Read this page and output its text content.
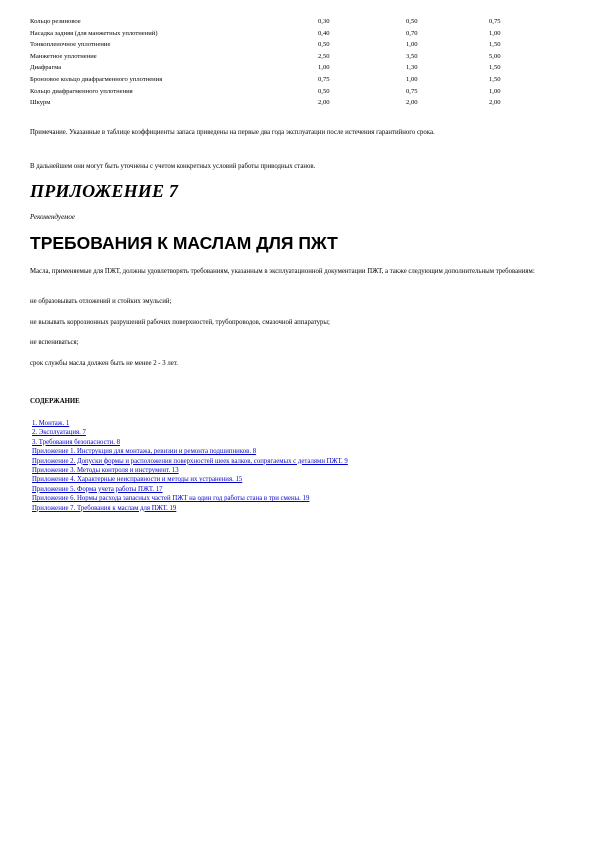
Кольцо резиновое	0,30	0,50	0,75
Насадка задняя (для манжетных уплотнений)	0,40	0,70	1,00
Тонкопленочное уплотнение	0,50	1,00	1,50
Манжетное уплотнение	2,50	3,50	5,00
Диафрагма	1,00	1,30	1,50
Бронзовое кольцо диафрагменного уплотнения	0,75	1,00	1,50
Кольцо диафрагменного уплотнения	0,50	0,75	1,00
Шкурм	2,00	2,00	2,00
Примечание. Указанные в таблице коэффициенты запаса приведены на первые два года эксплуатации после истечения гарантийного срока.
В дальнейшем они могут быть уточнены с учетом конкретных условий работы приводных станов.
ПРИЛОЖЕНИЕ 7
Рекомендуемое
ТРЕБОВАНИЯ К МАСЛАМ ДЛЯ ПЖТ
Масла, применяемые для ПЖТ, должны удовлетворять требованиям, указанным в эксплуатационной документации ПЖТ, а также следующим дополнительным требованиям:
не образовывать отложений и стойких эмульсий;
не вызывать коррозионных разрушений рабочих поверхностей, трубопроводов, смазочной аппаратуры;
не вспениваться;
срок службы масла должен быть не менее 2 - 3 лет.
СОДЕРЖАНИЕ
1. Монтаж. 1
2. Эксплуатация. 7
3. Требования безопасности. 8
Приложение 1. Инструкция для монтажа, ревизии и ремонта подшипников. 8
Приложение 2. Допуски формы и расположения поверхностей шеек валков, сопрягаемых с деталями ПЖТ. 9
Приложение 3. Методы контроля и инструмент. 13
Приложение 4. Характерные неисправности и методы их устранения. 15
Приложение 5. Форма учета работы ПЖТ. 17
Приложение 6. Нормы расхода запасных частей ПЖТ на один год работы стана в три смены. 19
Приложение 7. Требования к маслам для ПЖТ. 19
